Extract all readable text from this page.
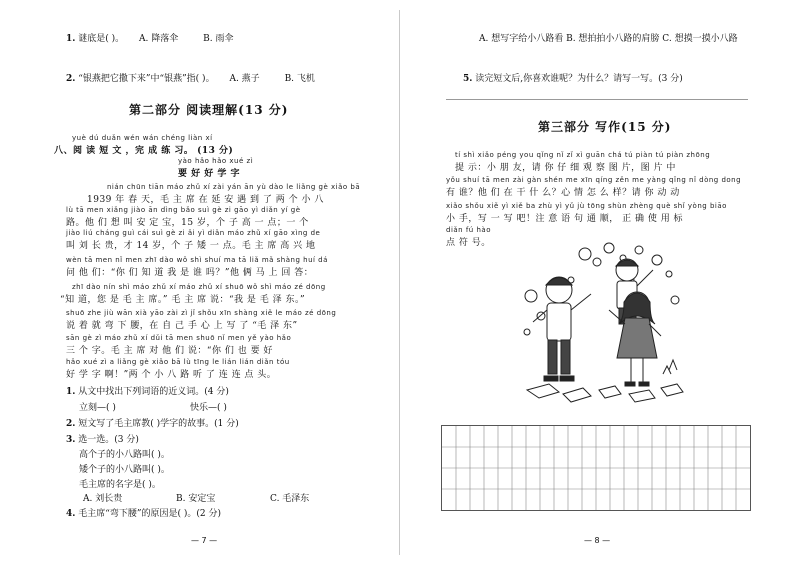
1. 谜底是( )。 A. 降落伞	B. 雨伞
2. “银燕把它撒下来”中“银燕”指( )。 A. 燕子	B. 飞机
第二部分 阅读理解(13 分)
yuè dú duǎn wén wán chéng liàn xí
八、阅 读 短 文 ，完 成 练 习。 (13 分)
yào hǎo hǎo xué zì
要 好 好 学 字
nián chūn tiān máo zhǔ xí zài yán ān yù dào le liǎng gè xiǎo bā
1939 年 春 天，毛 主 席 在 延 安 遇 到 了 两 个 小 八
lù tā men xiǎng jiào ān dìng bǎo suì gè zi gāo yì diǎn yí gè
路。他 们 想 叫 安 定 宝，15 岁，个 子 高 一 点；一 个
jiào liú cháng guì cái suì gè zi ǎi yì diǎn máo zhǔ xí gāo xìng de
叫 刘 长 贵，才 14 岁，个 子 矮 一 点。毛 主 席 高 兴 地
wèn tā men nǐ men zhī dào wǒ shì shuí ma tā liǎ mǎ shàng huí dá
问 他 们：“你 们 知 道 我 是 谁 吗？”他 俩 马 上 回 答：
zhī dào nín shì máo zhǔ xí máo zhǔ xí shuō wǒ shì máo zé dōng
“知 道，您 是 毛 主 席。” 毛 主 席 说：“我 是 毛 泽 东。”
shuō zhe jiù wān xià yāo zài zì jǐ shǒu xīn shàng xiě le máo zé dōng
说 着 就 弯 下 腰，在 自 己 手 心 上 写 了 “毛 泽 东”
sān gè zì máo zhǔ xí dǔi tā men shuō nǐ men yě yào hǎo
三 个 字。毛 主 席 对 他 们 说：“你 们 也 要 好
hǎo xué zì a liǎng gè xiǎo bā lù tīng le lián lián diǎn tóu
好 学 字 啊！”两 个 小 八 路 听 了 连 连 点 头。
1. 从文中找出下列词语的近义词。(4 分)
立刻—( )	快乐—( )
2. 短文写了毛主席教( )学字的故事。(1 分)
3. 选一选。(3 分)
高个子的小八路叫( )。
矮个子的小八路叫( )。
毛主席的名字是( )。
A. 刘长贵	B. 安定宝	C. 毛泽东
4. 毛主席“弯下腰”的原因是( )。(2 分)
— 7 —
A. 想写字给小八路看 B. 想拍拍小八路的肩膀 C. 想摸一摸小八路
5. 读完短文后,你喜欢谁呢？为什么？请写一写。(3 分)
第三部分 写作(15 分)
tí shì xiǎo péng you qǐng nǐ zǐ xì guān chá tú piàn tú piàn zhōng
提 示：小 朋 友，请 你 仔 细 观 察 图 片，图 片 中
yǒu shuí tā men zài gàn shén me xīn qíng zěn me yàng qǐng nǐ dòng dong
有 谁？他 们 在 干 什 么？心 情 怎 么 样？请 你 动 动
xiǎo shǒu xiě yì xiě ba zhù yì yǔ jù tōng shùn zhèng què shǐ yòng biāo
小 手，写 一 写 吧！注 意 语 句 通 顺， 正 确 使 用 标
diǎn fú hào
点 符 号。
— 8 —
